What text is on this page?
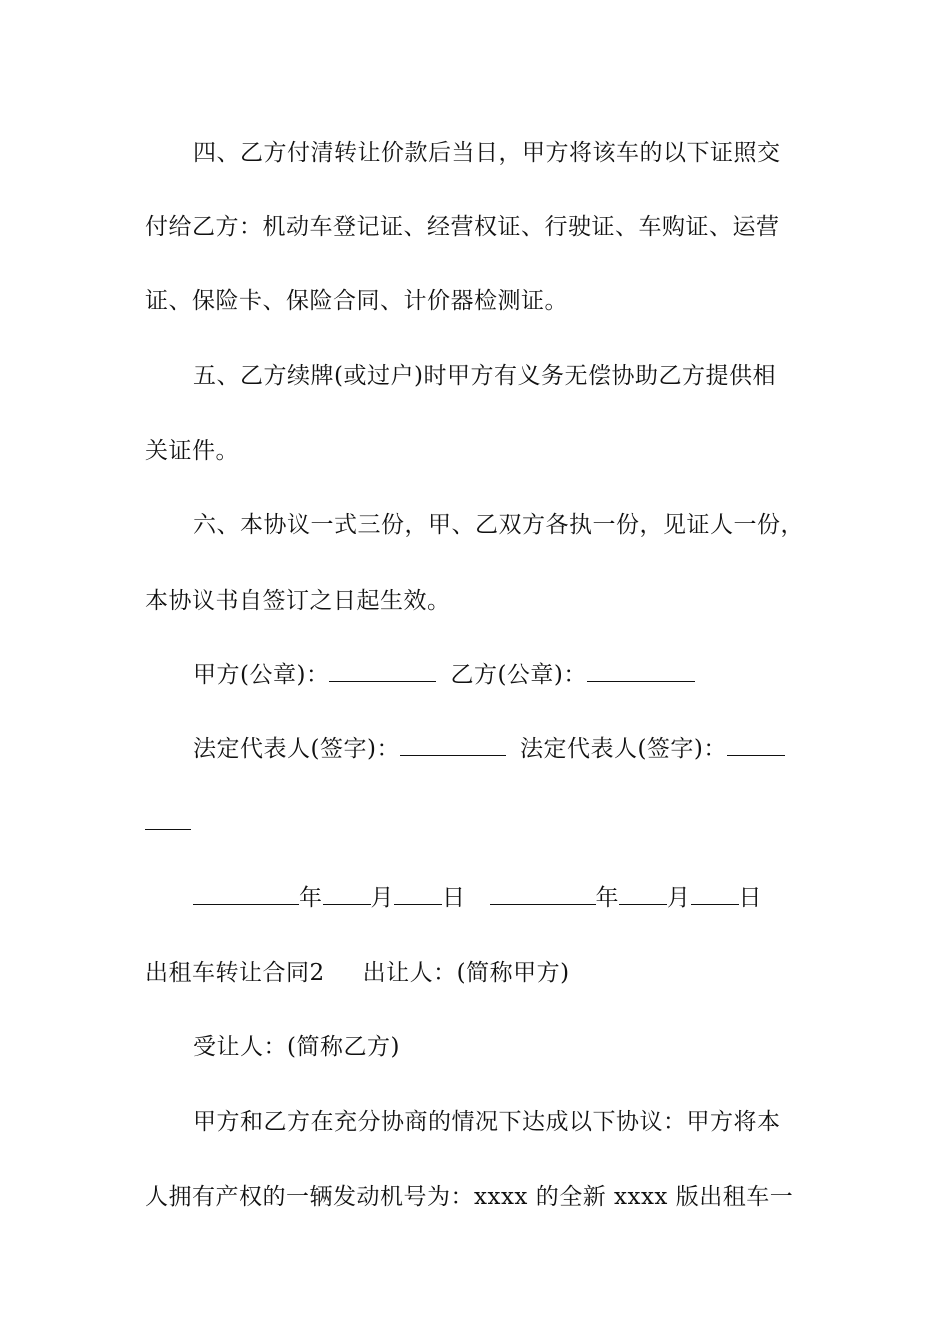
四、乙方付清转让价款后当日，甲方将该车的以下证照交
付给乙方：机动车登记证、经营权证、行驶证、车购证、运营
证、保险卡、保险合同、计价器检测证。
五、乙方续牌(或过户)时甲方有义务无偿协助乙方提供相
关证件。
六、本协议一式三份，甲、乙双方各执一份，见证人一份，
本协议书自签订之日起生效。
甲方(公章)：	乙方(公章)：
法定代表人(签字)：	法定代表人(签字)：
年 月 日	年 月 日
出租车转让合同2 出让人：(简称甲方)
受让人：(简称乙方)
甲方和乙方在充分协商的情况下达成以下协议：甲方将本
人拥有产权的一辆发动机号为：xxxx 的全新 xxxx 版出租车一
